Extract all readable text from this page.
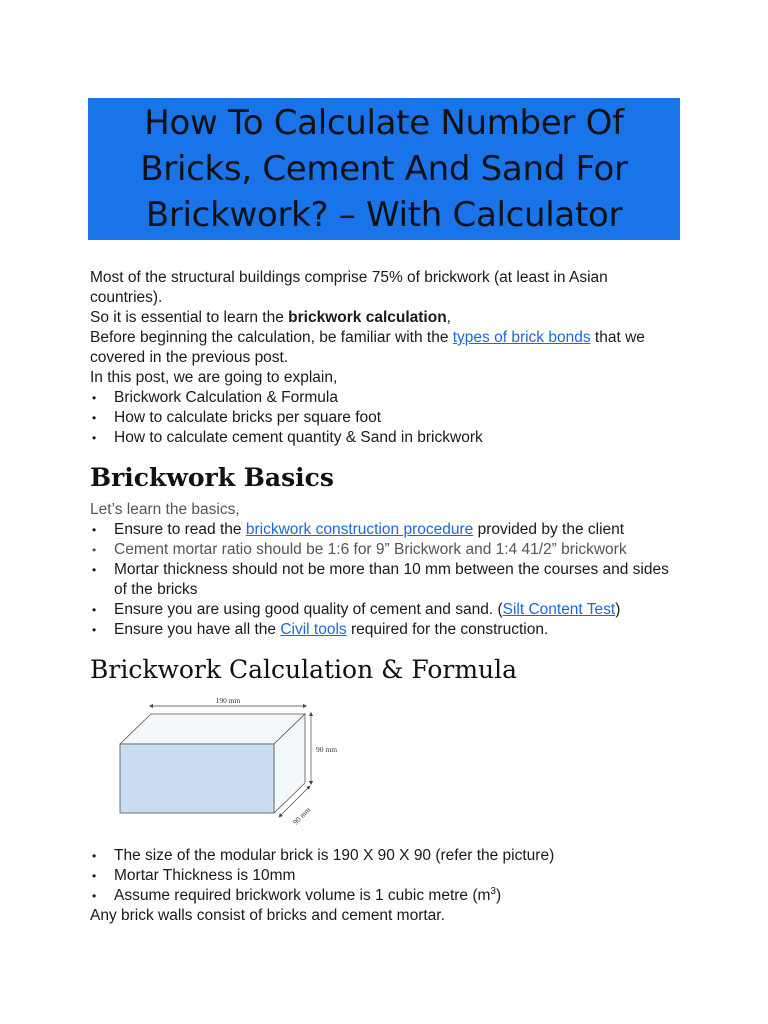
How To Calculate Number Of
Bricks, Cement And Sand For
Brickwork? – With Calculator

Most of the structural buildings comprise 75% of brickwork (at least in Asian countries).

So it is essential to learn the brickwork calculation,

Before beginning the calculation, be familiar with the types of brick bonds that we covered in the previous post.

In this post, we are going to explain,

• Brickwork Calculation & Formula
• How to calculate bricks per square foot
• How to calculate cement quantity & Sand in brickwork
Brickwork Basics

Let’s learn the basics,

• Ensure to read the brickwork construction procedure provided by the client
• Cement mortar ratio should be 1:6 for 9” Brickwork and 1:4 41/2” brickwork
• Mortar thickness should not be more than 10 mm between the courses and sides of the bricks
• Ensure you are using good quality of cement and sand. (Silt Content Test)
• Ensure you have all the Civil tools required for the construction.
Brickwork Calculation & Formula
190 mm
90 mm
90 mm
• The size of the modular brick is 190 X 90 X 90 (refer the picture)
• Mortar Thickness is 10mm
• Assume required brickwork volume is 1 cubic metre $(m^3)$

Any brick walls consist of bricks and cement mortar.
